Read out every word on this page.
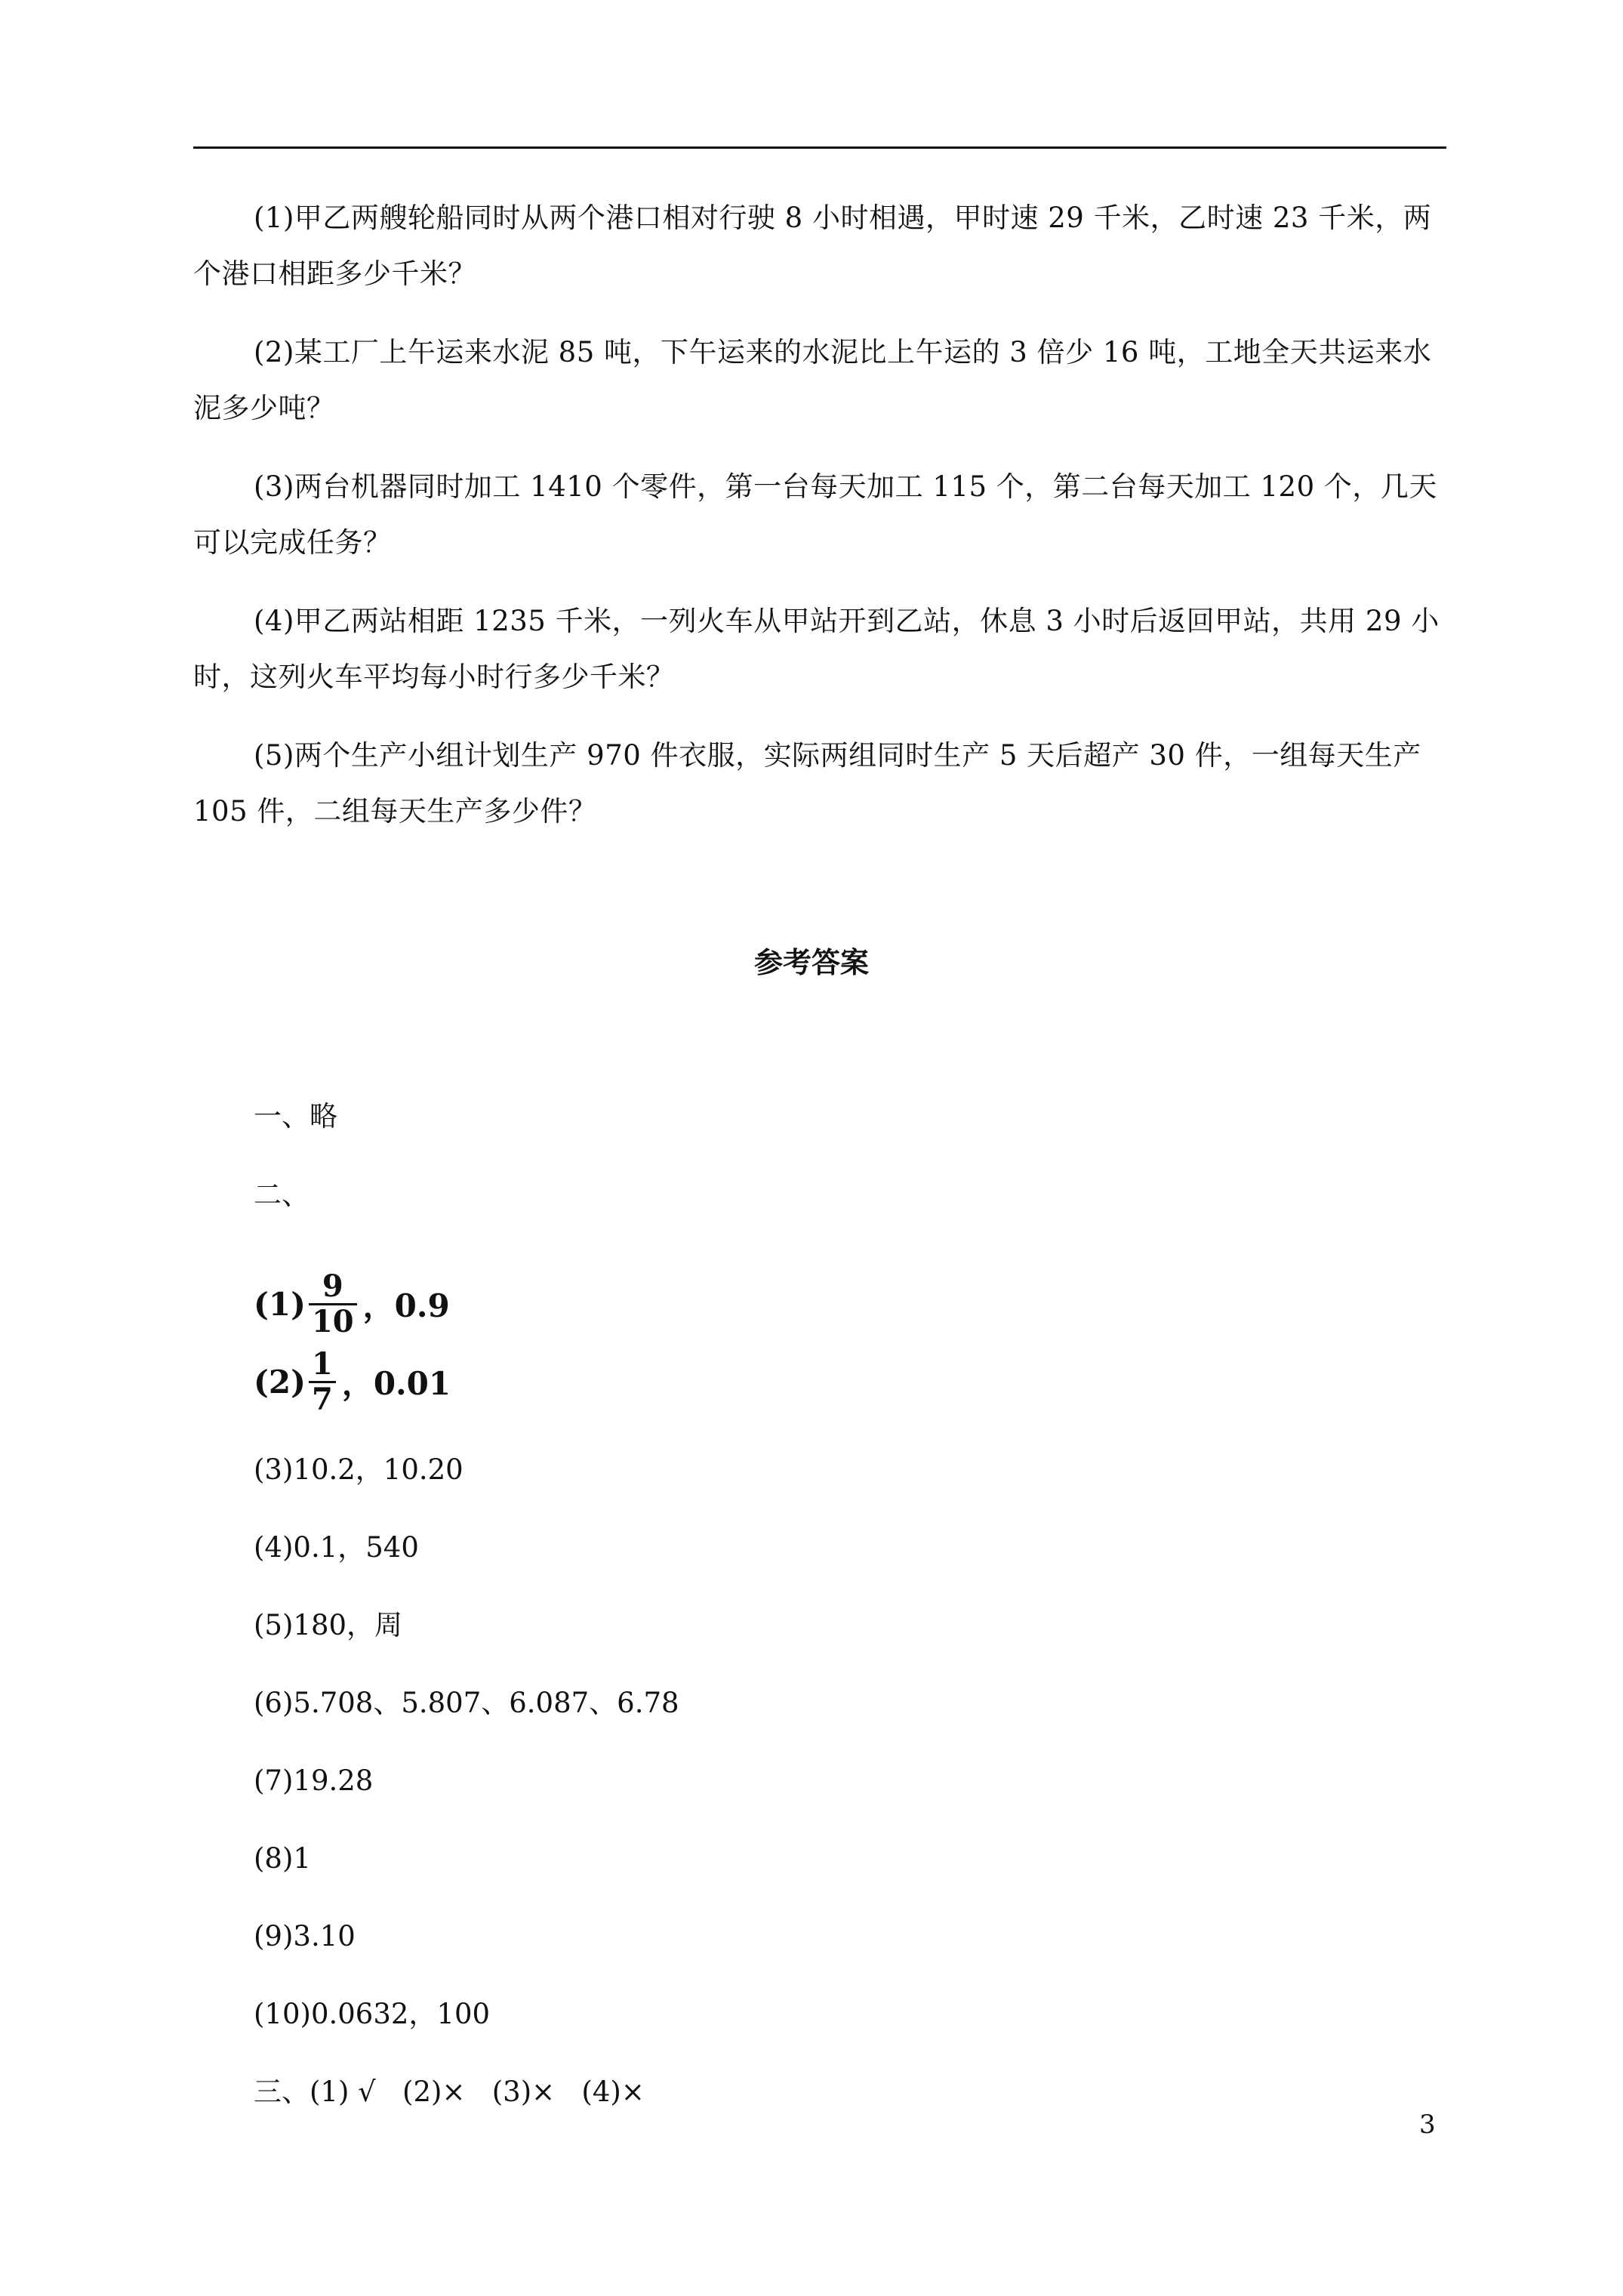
(1)甲乙两艘轮船同时从两个港口相对行驶 8 小时相遇，甲时速 29 千米，乙时速 23 千米，两个港口相距多少千米？
(2)某工厂上午运来水泥 85 吨，下午运来的水泥比上午运的 3 倍少 16 吨，工地全天共运来水泥多少吨？
(3)两台机器同时加工 1410 个零件，第一台每天加工 115 个，第二台每天加工 120 个，几天可以完成任务？
(4)甲乙两站相距 1235 千米，一列火车从甲站开到乙站，休息 3 小时后返回甲站，共用 29 小时，这列火车平均每小时行多少千米？
(5)两个生产小组计划生产 970 件衣服，实际两组同时生产 5 天后超产 30 件，一组每天生产 105 件，二组每天生产多少件？
参考答案
一、略
二、
$(1) \frac{9}{10}$ ，0.9
$(2) \frac{1}{7}$ ，0.01
(3)10.2，10.20
(4)0.1，540
(5)180，周
(6)5.708、5.807、6.087、6.78
(7)19.28
(8)1
(9)3.10
(10)0.0632，100
三、(1) √   (2)×   (3)×   (4)×
3
